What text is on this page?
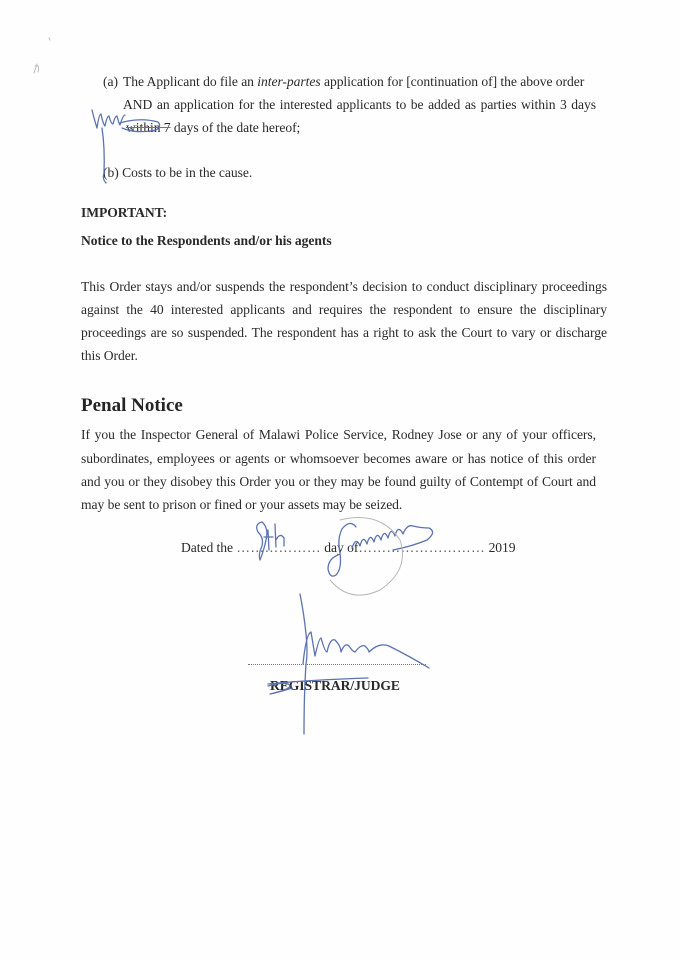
(a) The Applicant do file an inter-partes application for [continuation of] the above order
AND an application for the interested applicants to be added as parties within 3 days
within 7 days of the date hereof;
(b) Costs to be in the cause.
IMPORTANT:
Notice to the Respondents and/or his agents
This Order stays and/or suspends the respondent’s decision to conduct disciplinary proceedings
against the 40 interested applicants and requires the respondent to ensure the disciplinary
proceedings are so suspended. The respondent has a right to ask the Court to vary or discharge
this Order.
Penal Notice
If you the Inspector General of Malawi Police Service, Rodney Jose or any of your officers,
subordinates, employees or agents or whomsoever becomes aware or has notice of this order
and you or they disobey this Order you or they may be found guilty of Contempt of Court and
may be sent to prison or fined or your assets may be seized.
Dated the ……………… day of……………………… 2019
REGISTRAR/JUDGE
